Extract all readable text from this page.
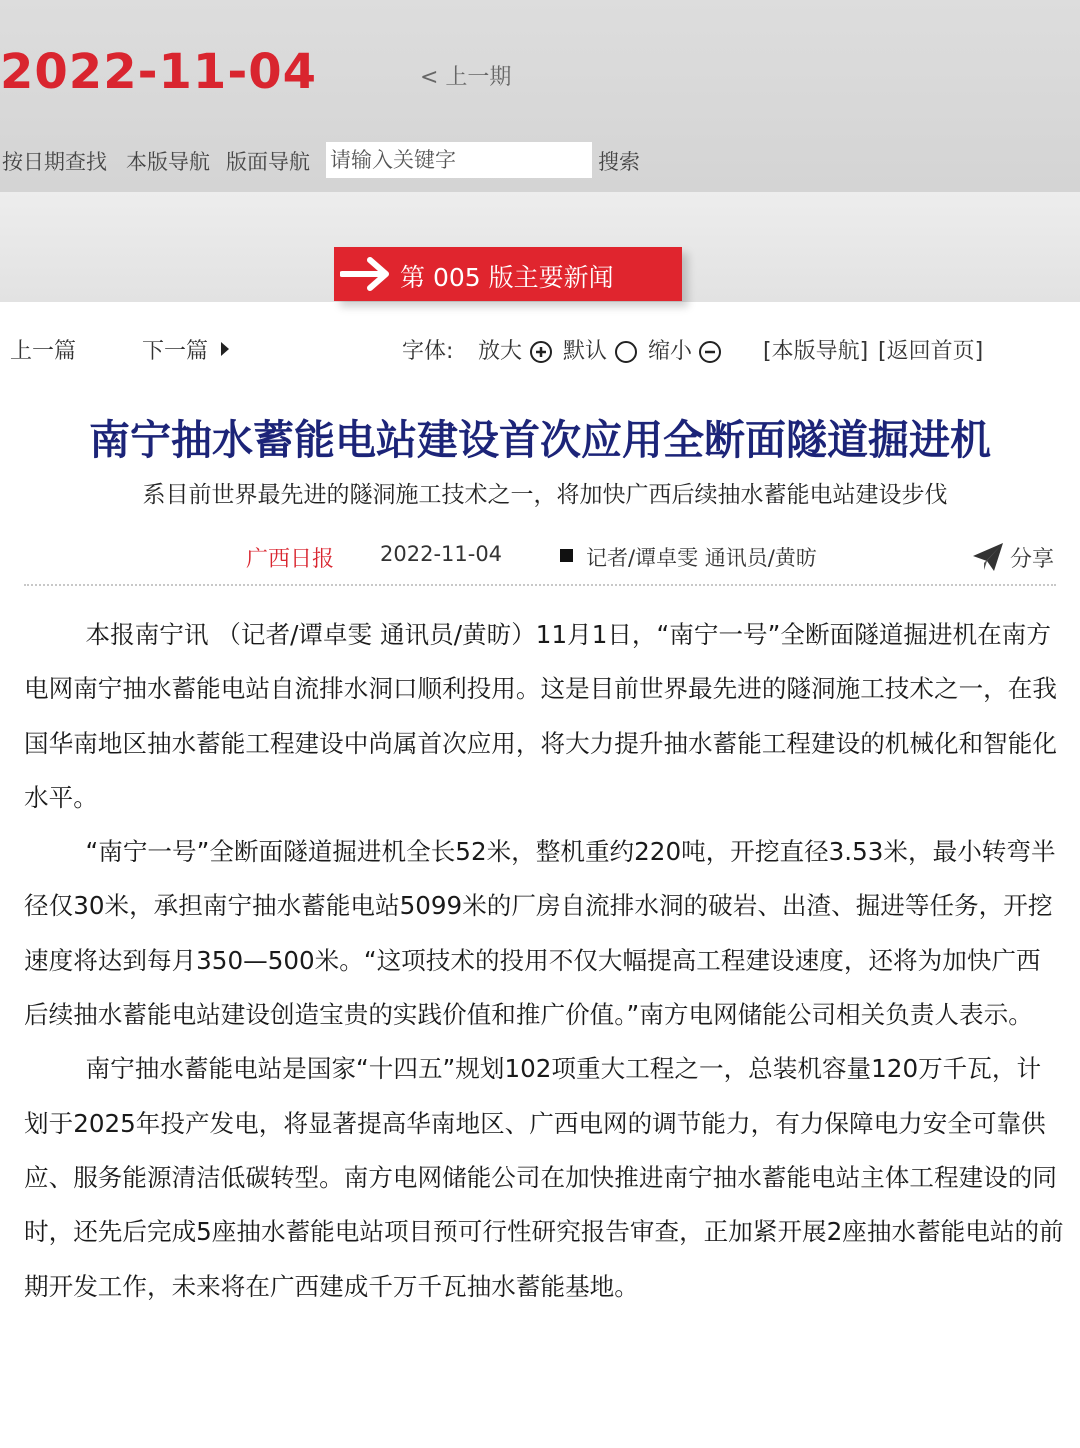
2022-11-04	< 上一期
按日期查找 本版导航 版面导航
请输入关键字	搜索
第 005 版主要新闻
上一篇	下一篇	字体: 放大 默认 缩小	[本版导航] [返回首页]
南宁抽水蓄能电站建设首次应用全断面隧道掘进机
系目前世界最先进的隧洞施工技术之一，将加快广西后续抽水蓄能电站建设步伐
广西日报 2022-11-04	记者/谭卓雯 通讯员/黄昉	分享

本报南宁讯 （记者/谭卓雯 通讯员/黄昉）11月1日，“南宁一号”全断面隧道掘进机在南方电网南宁抽水蓄能电站自流排水洞口顺利投用。这是目前世界最先进的隧洞施工技术之一，在我国华南地区抽水蓄能工程建设中尚属首次应用，将大力提升抽水蓄能工程建设的机械化和智能化水平。

“南宁一号”全断面隧道掘进机全长52米，整机重约220吨，开挖直径3.53米，最小转弯半径仅30米，承担南宁抽水蓄能电站5099米的厂房自流排水洞的破岩、出渣、掘进等任务，开挖速度将达到每月350—500米。“这项技术的投用不仅大幅提高工程建设速度，还将为加快广西后续抽水蓄能电站建设创造宝贵的实践价值和推广价值。”南方电网储能公司相关负责人表示。

南宁抽水蓄能电站是国家“十四五”规划102项重大工程之一，总装机容量120万千瓦，计划于2025年投产发电，将显著提高华南地区、广西电网的调节能力，有力保障电力安全可靠供应、服务能源清洁低碳转型。南方电网储能公司在加快推进南宁抽水蓄能电站主体工程建设的同时，还先后完成5座抽水蓄能电站项目预可行性研究报告审查，正加紧开展2座抽水蓄能电站的前期开发工作，未来将在广西建成千万千瓦抽水蓄能基地。
